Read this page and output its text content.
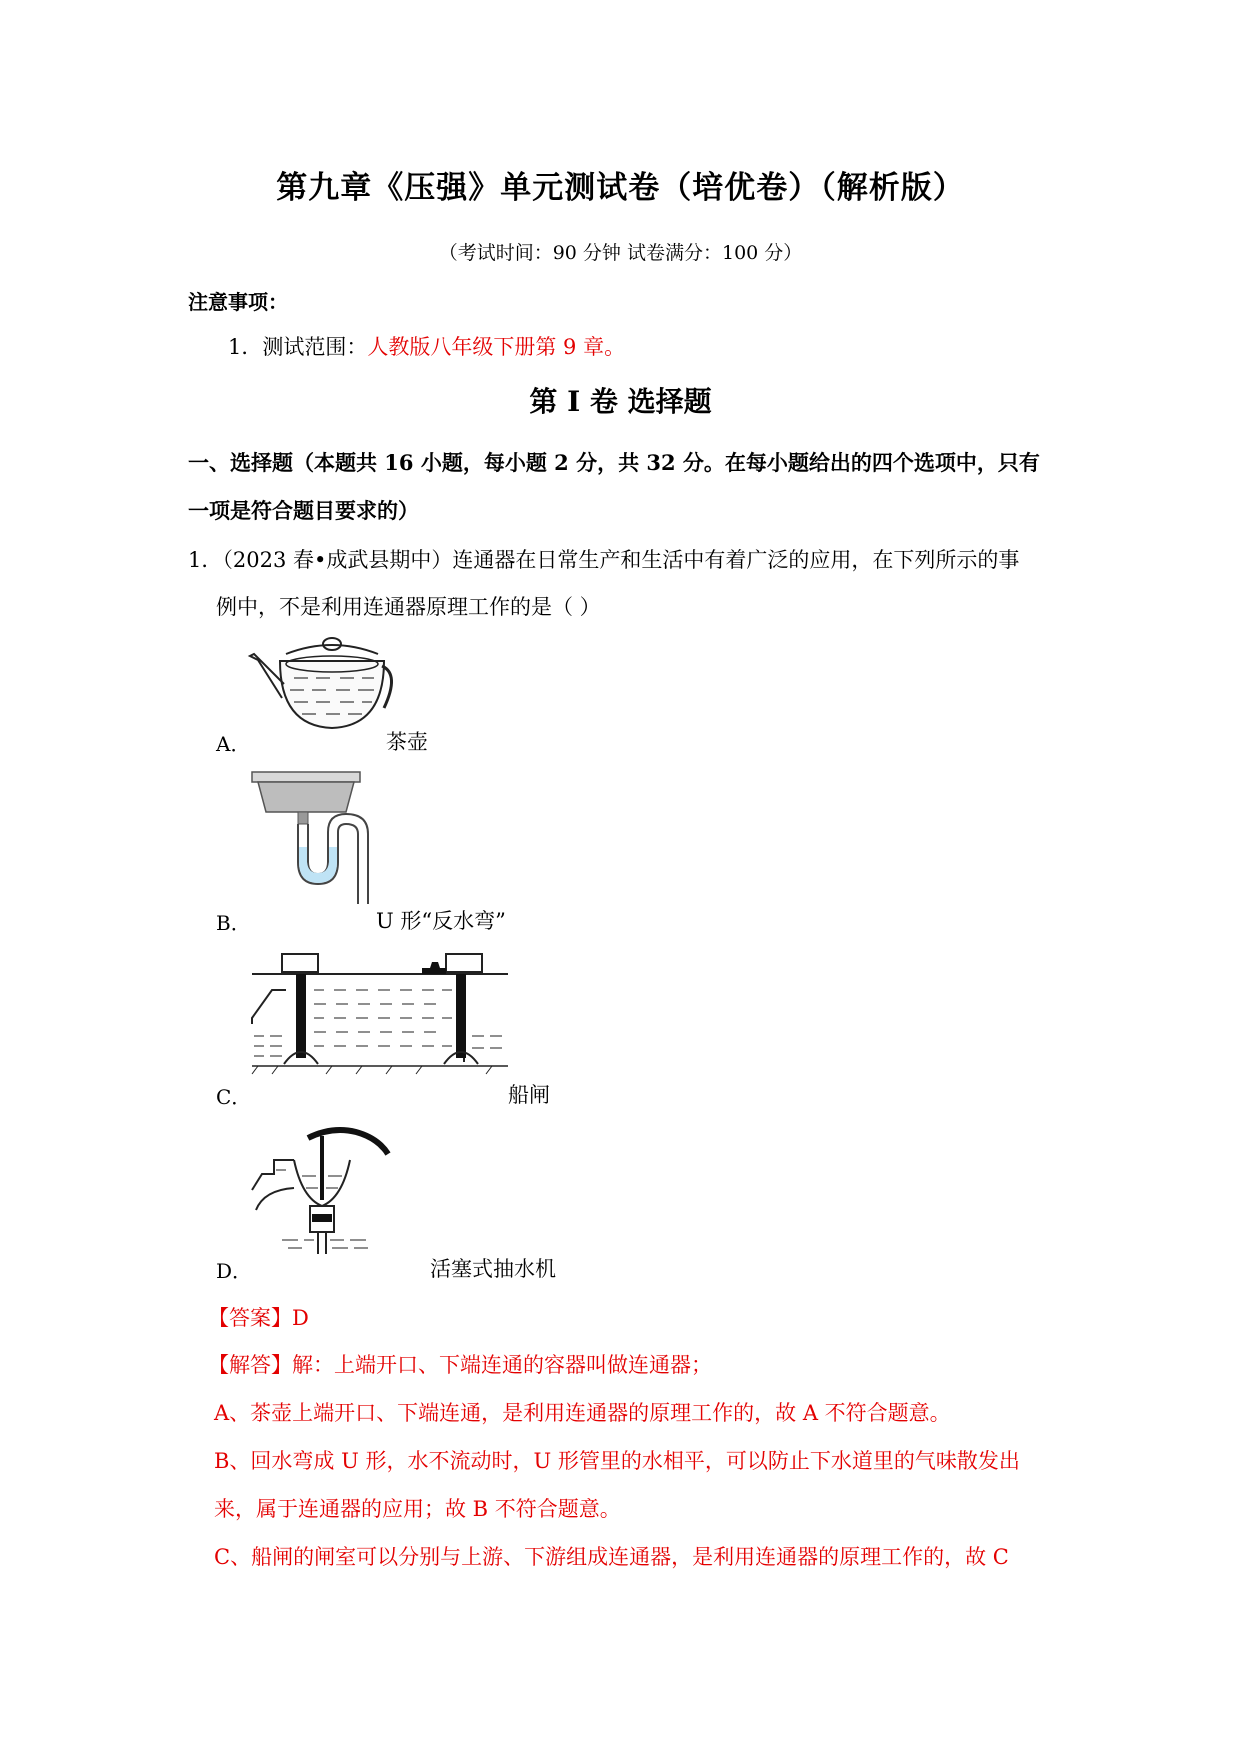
第九章《压强》单元测试卷（培优卷）（解析版）
（考试时间：90 分钟 试卷满分：100 分）
注意事项：
1．测试范围：人教版八年级下册第 9 章。
第 I 卷 选择题
一、选择题（本题共 16 小题，每小题 2 分，共 32 分。在每小题给出的四个选项中，只有
一项是符合题目要求的）
1．（2023 春•成武县期中）连通器在日常生产和生活中有着广泛的应用，在下列所示的事
例中，不是利用连通器原理工作的是（ ）
A．	茶壶
B．	U 形“反水弯”
C．	船闸
D．	活塞式抽水机
【答案】D
【解答】解：上端开口、下端连通的容器叫做连通器；
A、茶壶上端开口、下端连通，是利用连通器的原理工作的，故 A 不符合题意。
B、回水弯成 U 形，水不流动时，U 形管里的水相平，可以防止下水道里的气味散发出
来，属于连通器的应用；故 B 不符合题意。
C、船闸的闸室可以分别与上游、下游组成连通器，是利用连通器的原理工作的，故 C
